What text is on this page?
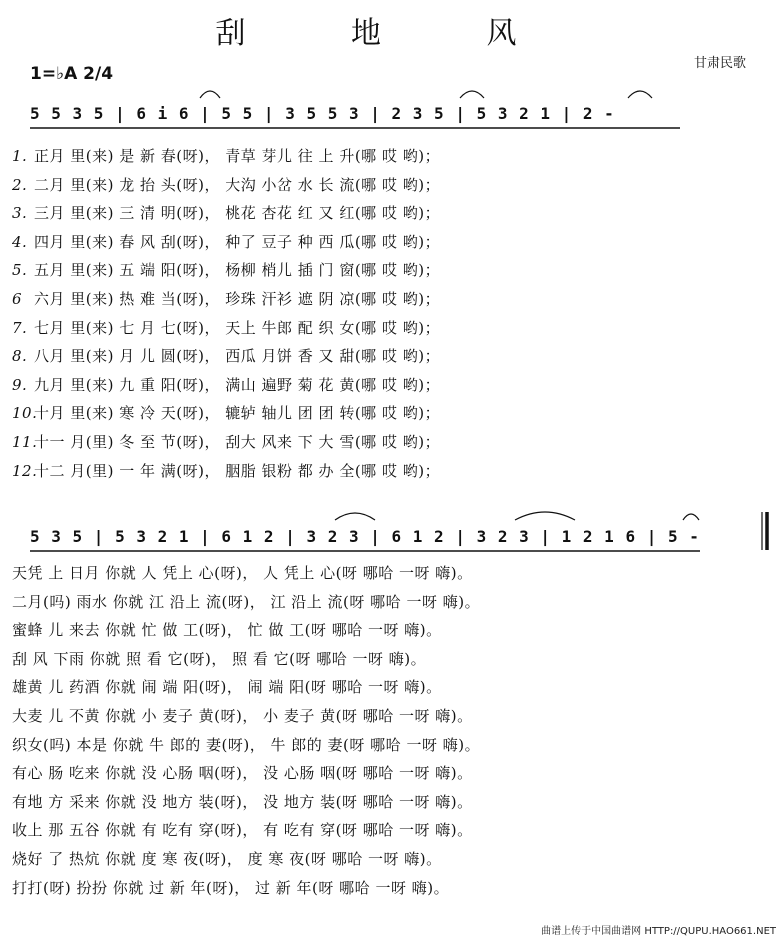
刮 地 风
1=♭A 2/4
甘肃民歌
5 5 3 5 | 6 i 6 | 5 5 | 3 5 5 3 | 2 3 5 | 5 3 2 1 | 2 -
1. 正月 里(来) 是 新 春(呀)， 青草 芽儿 往 上 升(哪 哎 哟)；
2. 二月 里(来) 龙 抬 头(呀)， 大沟 小岔 水 长 流(哪 哎 哟)；
3. 三月 里(来) 三 清 明(呀)， 桃花 杏花 红 又 红(哪 哎 哟)；
4. 四月 里(来) 春 风 刮(呀)， 种了 豆子 种 西 瓜(哪 哎 哟)；
5. 五月 里(来) 五 端 阳(呀)， 杨柳 梢儿 插 门 窗(哪 哎 哟)；
6 六月 里(来) 热 难 当(呀)， 珍珠 汗衫 遮 阴 凉(哪 哎 哟)；
7. 七月 里(来) 七 月 七(呀)， 天上 牛郎 配 织 女(哪 哎 哟)；
8. 八月 里(来) 月 儿 圆(呀)， 西瓜 月饼 香 又 甜(哪 哎 哟)；
9. 九月 里(来) 九 重 阳(呀)， 满山 遍野 菊 花 黄(哪 哎 哟)；
10.十月 里(来) 寒 冷 天(呀)， 辘轳 轴儿 团 团 转(哪 哎 哟)；
11.十一 月(里) 冬 至 节(呀)， 刮大 风来 下 大 雪(哪 哎 哟)；
12.十二 月(里) 一 年 满(呀)， 胭脂 银粉 都 办 全(哪 哎 哟)；
5 3 5 | 5 3 2 1 | 6 1 2 | 3 2 3 | 6 1 2 | 3 2 3 | 1 2 1 6 | 5 -
天凭 上 日月 你就 人 凭上 心(呀)， 人 凭上 心(呀 哪哈 一呀 嗨)。
二月(吗) 雨水 你就 江 沿上 流(呀)， 江 沿上 流(呀 哪哈 一呀 嗨)。
蜜蜂 儿 来去 你就 忙 做 工(呀)， 忙 做 工(呀 哪哈 一呀 嗨)。
刮 风 下雨 你就 照 看 它(呀)， 照 看 它(呀 哪哈 一呀 嗨)。
雄黄 儿 药酒 你就 闹 端 阳(呀)， 闹 端 阳(呀 哪哈 一呀 嗨)。
大麦 儿 不黄 你就 小 麦子 黄(呀)， 小 麦子 黄(呀 哪哈 一呀 嗨)。
织女(吗) 本是 你就 牛 郎的 妻(呀)， 牛 郎的 妻(呀 哪哈 一呀 嗨)。
有心 肠 吃来 你就 没 心肠 咽(呀)， 没 心肠 咽(呀 哪哈 一呀 嗨)。
有地 方 采来 你就 没 地方 装(呀)， 没 地方 装(呀 哪哈 一呀 嗨)。
收上 那 五谷 你就 有 吃有 穿(呀)， 有 吃有 穿(呀 哪哈 一呀 嗨)。
烧好 了 热炕 你就 度 寒 夜(呀)， 度 寒 夜(呀 哪哈 一呀 嗨)。
打打(呀) 扮扮 你就 过 新 年(呀)， 过 新 年(呀 哪哈 一呀 嗨)。
曲谱上传于中国曲谱网 HTTP://QUPU.HAO661.NET
